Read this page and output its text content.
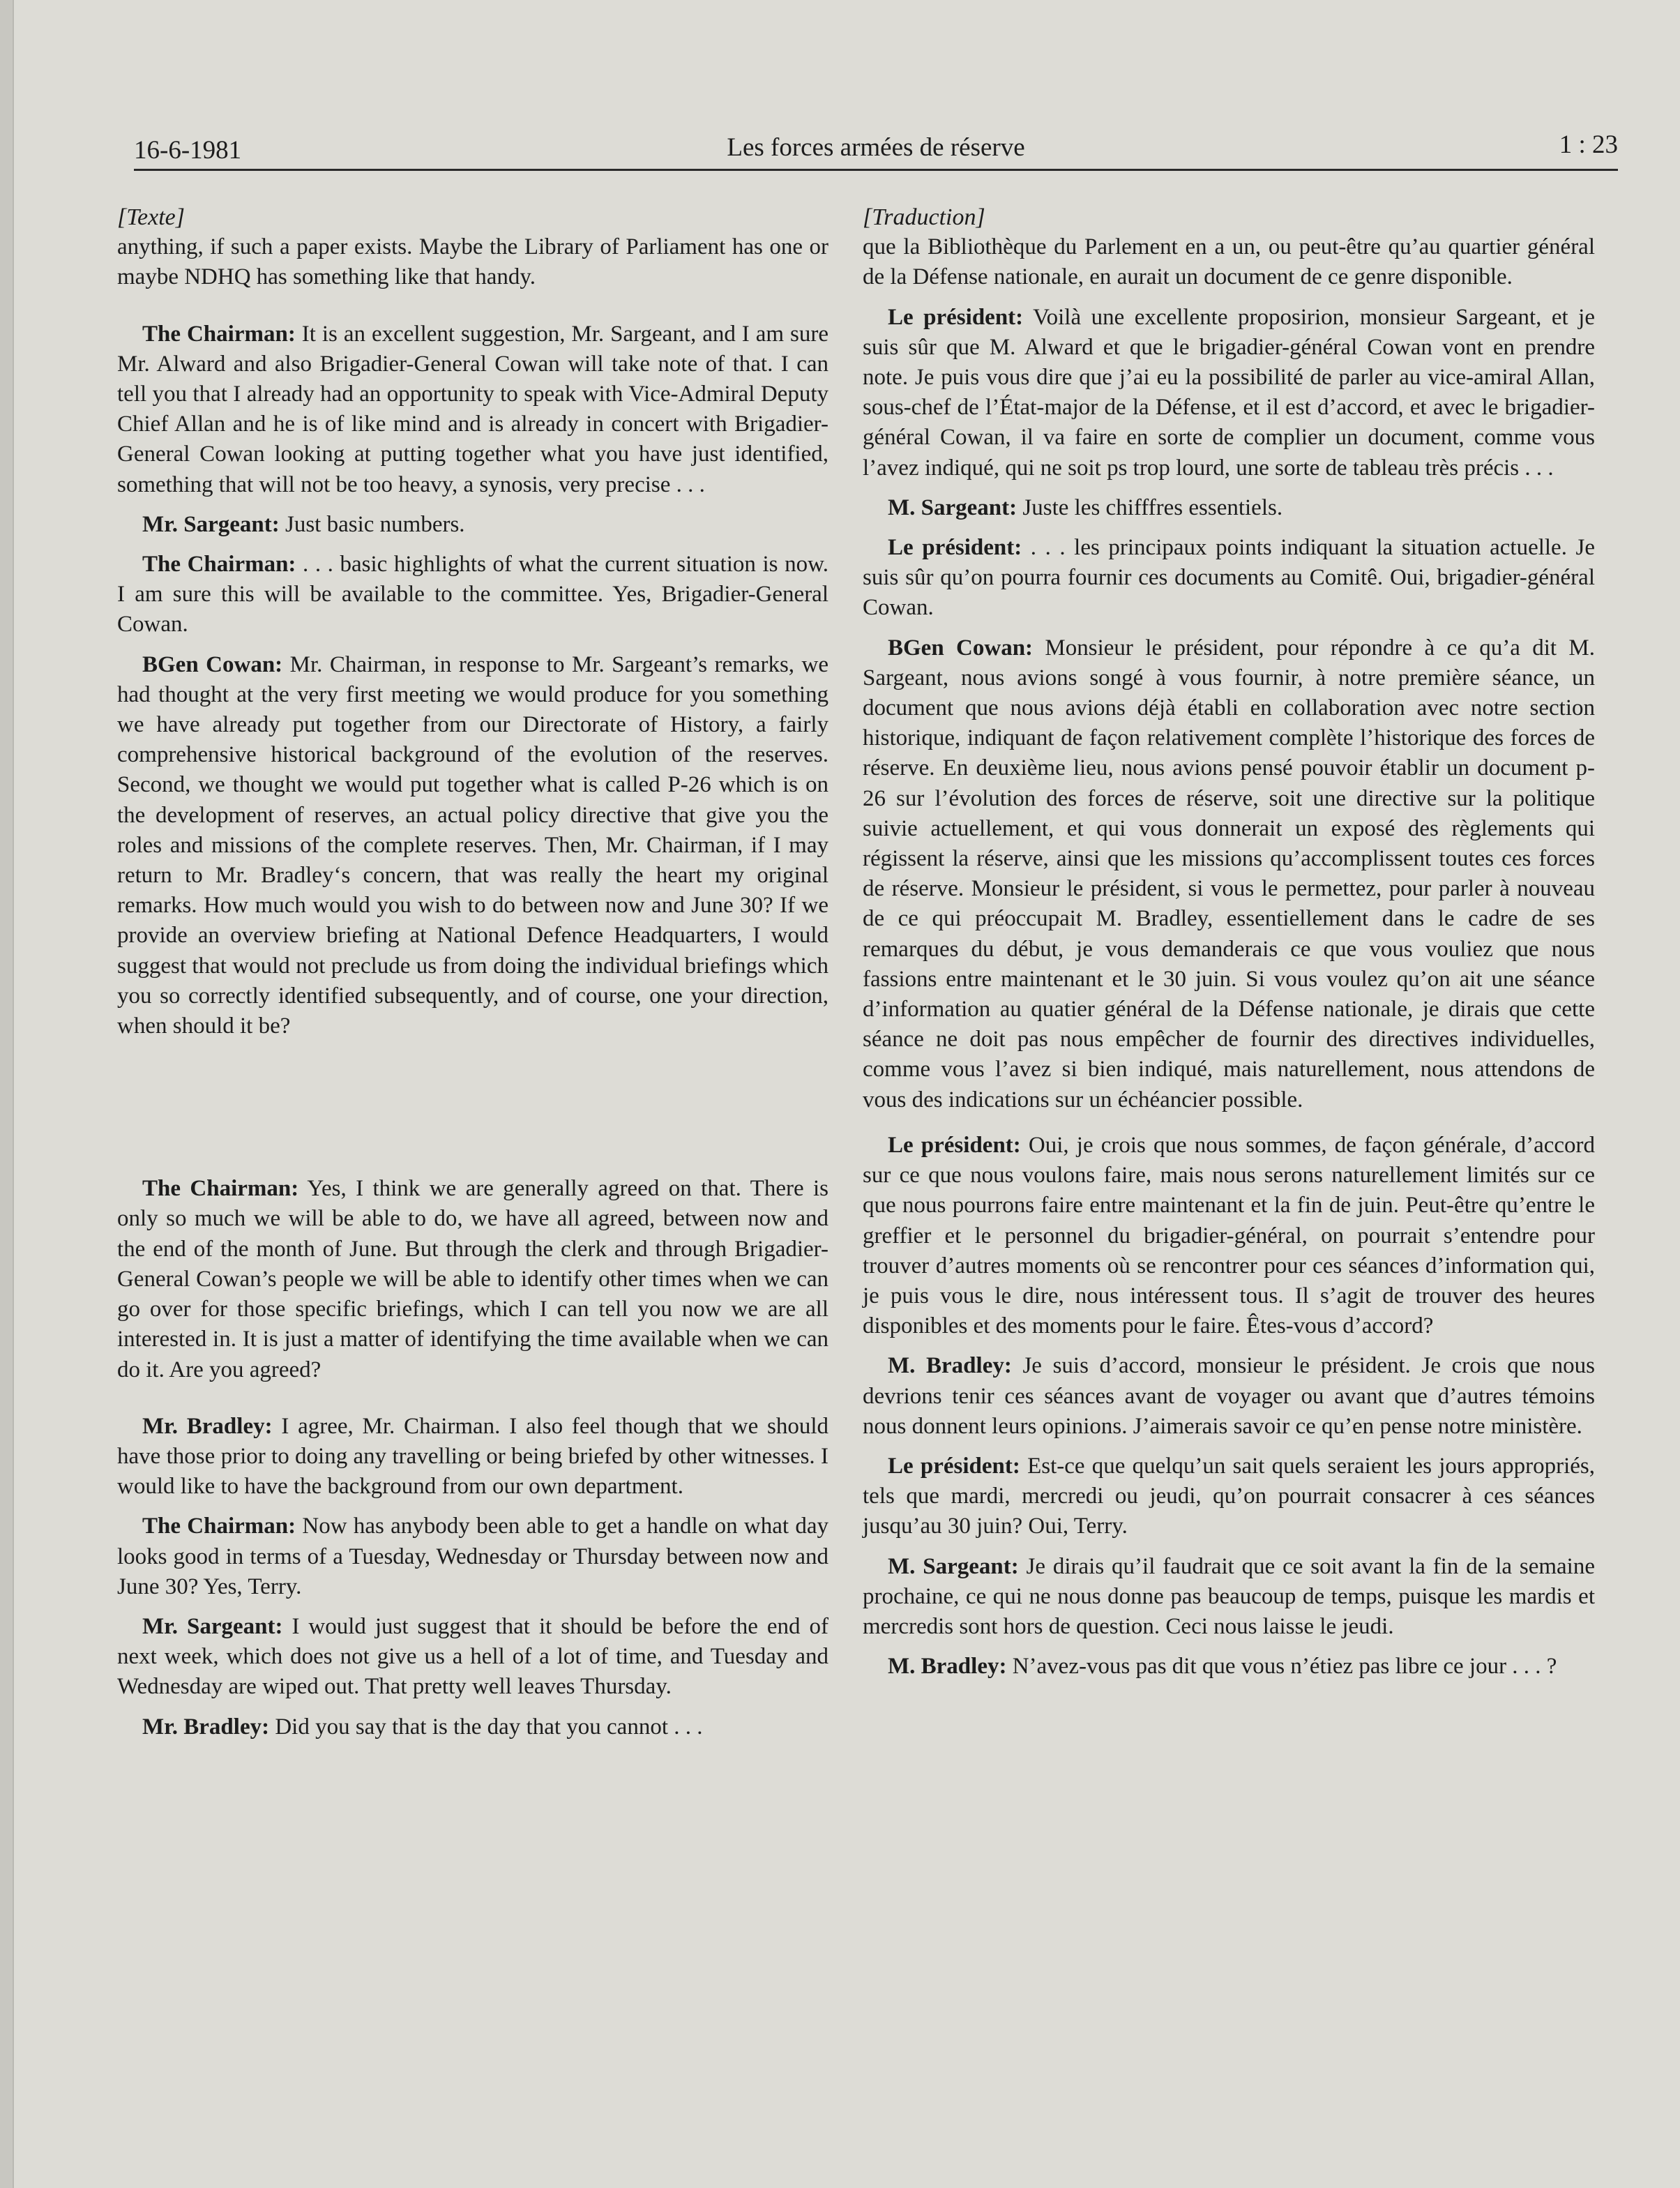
16-6-1981	Les forces armées de réserve	1 : 23

[Texte]

anything, if such a paper exists. Maybe the Library of Parliament has one or maybe NDHQ has something like that handy.

The Chairman: It is an excellent suggestion, Mr. Sargeant, and I am sure Mr. Alward and also Brigadier-General Cowan will take note of that. I can tell you that I already had an opportunity to speak with Vice-Admiral Deputy Chief Allan and he is of like mind and is already in concert with Brigadier-General Cowan looking at putting together what you have just identified, something that will not be too heavy, a synosis, very precise . . .

Mr. Sargeant: Just basic numbers.

The Chairman: . . . basic highlights of what the current situation is now. I am sure this will be available to the committee. Yes, Brigadier-General Cowan.

BGen Cowan: Mr. Chairman, in response to Mr. Sargeant’s remarks, we had thought at the very first meeting we would produce for you something we have already put together from our Directorate of History, a fairly comprehensive historical background of the evolution of the reserves. Second, we thought we would put together what is called P-26 which is on the development of reserves, an actual policy directive that give you the roles and missions of the complete reserves. Then, Mr. Chairman, if I may return to Mr. Bradley‘s concern, that was really the heart my original remarks. How much would you wish to do between now and June 30? If we provide an overview briefing at National Defence Headquarters, I would suggest that would not preclude us from doing the individual briefings which you so correctly identified subsequently, and of course, one your direction, when should it be?

The Chairman: Yes, I think we are generally agreed on that. There is only so much we will be able to do, we have all agreed, between now and the end of the month of June. But through the clerk and through Brigadier-General Cowan’s people we will be able to identify other times when we can go over for those specific briefings, which I can tell you now we are all interested in. It is just a matter of identifying the time available when we can do it. Are you agreed?

Mr. Bradley: I agree, Mr. Chairman. I also feel though that we should have those prior to doing any travelling or being briefed by other witnesses. I would like to have the background from our own department.

The Chairman: Now has anybody been able to get a handle on what day looks good in terms of a Tuesday, Wednesday or Thursday between now and June 30? Yes, Terry.

Mr. Sargeant: I would just suggest that it should be before the end of next week, which does not give us a hell of a lot of time, and Tuesday and Wednesday are wiped out. That pretty well leaves Thursday.

Mr. Bradley: Did you say that is the day that you cannot . . .

[Traduction]

que la Bibliothèque du Parlement en a un, ou peut-être qu’au quartier général de la Défense nationale, en aurait un document de ce genre disponible.

Le président: Voilà une excellente proposirion, monsieur Sargeant, et je suis sûr que M. Alward et que le brigadier-général Cowan vont en prendre note. Je puis vous dire que j’ai eu la possibilité de parler au vice-amiral Allan, sous-chef de l’État-major de la Défense, et il est d’accord, et avec le brigadier-général Cowan, il va faire en sorte de complier un document, comme vous l’avez indiqué, qui ne soit ps trop lourd, une sorte de tableau très précis . . .

M. Sargeant: Juste les chifffres essentiels.

Le président: . . . les principaux points indiquant la situation actuelle. Je suis sûr qu’on pourra fournir ces documents au Comitê. Oui, brigadier-général Cowan.

BGen Cowan: Monsieur le président, pour répondre à ce qu’a dit M. Sargeant, nous avions songé à vous fournir, à notre première séance, un document que nous avions déjà établi en collaboration avec notre section historique, indiquant de façon relativement complète l’historique des forces de réserve. En deuxième lieu, nous avions pensé pouvoir établir un document p-26 sur l’évolution des forces de réserve, soit une directive sur la politique suivie actuellement, et qui vous donnerait un exposé des règlements qui régissent la réserve, ainsi que les missions qu’accomplissent toutes ces forces de réserve. Monsieur le président, si vous le permettez, pour parler à nouveau de ce qui préoccupait M. Bradley, essentiellement dans le cadre de ses remarques du début, je vous demanderais ce que vous vouliez que nous fassions entre maintenant et le 30 juin. Si vous voulez qu’on ait une séance d’information au quatier général de la Défense nationale, je dirais que cette séance ne doit pas nous empêcher de fournir des directives individuelles, comme vous l’avez si bien indiqué, mais naturellement, nous attendons de vous des indications sur un échéancier possible.

Le président: Oui, je crois que nous sommes, de façon générale, d’accord sur ce que nous voulons faire, mais nous serons naturellement limités sur ce que nous pourrons faire entre maintenant et la fin de juin. Peut-être qu’entre le greffier et le personnel du brigadier-général, on pourrait s’entendre pour trouver d’autres moments où se rencontrer pour ces séances d’information qui, je puis vous le dire, nous intéressent tous. Il s’agit de trouver des heures disponibles et des moments pour le faire. Êtes-vous d’accord?

M. Bradley: Je suis d’accord, monsieur le président. Je crois que nous devrions tenir ces séances avant de voyager ou avant que d’autres témoins nous donnent leurs opinions. J’aimerais savoir ce qu’en pense notre ministère.

Le président: Est-ce que quelqu’un sait quels seraient les jours appropriés, tels que mardi, mercredi ou jeudi, qu’on pourrait consacrer à ces séances jusqu’au 30 juin? Oui, Terry.

M. Sargeant: Je dirais qu’il faudrait que ce soit avant la fin de la semaine prochaine, ce qui ne nous donne pas beaucoup de temps, puisque les mardis et mercredis sont hors de question. Ceci nous laisse le jeudi.

M. Bradley: N’avez-vous pas dit que vous n’étiez pas libre ce jour . . . ?
